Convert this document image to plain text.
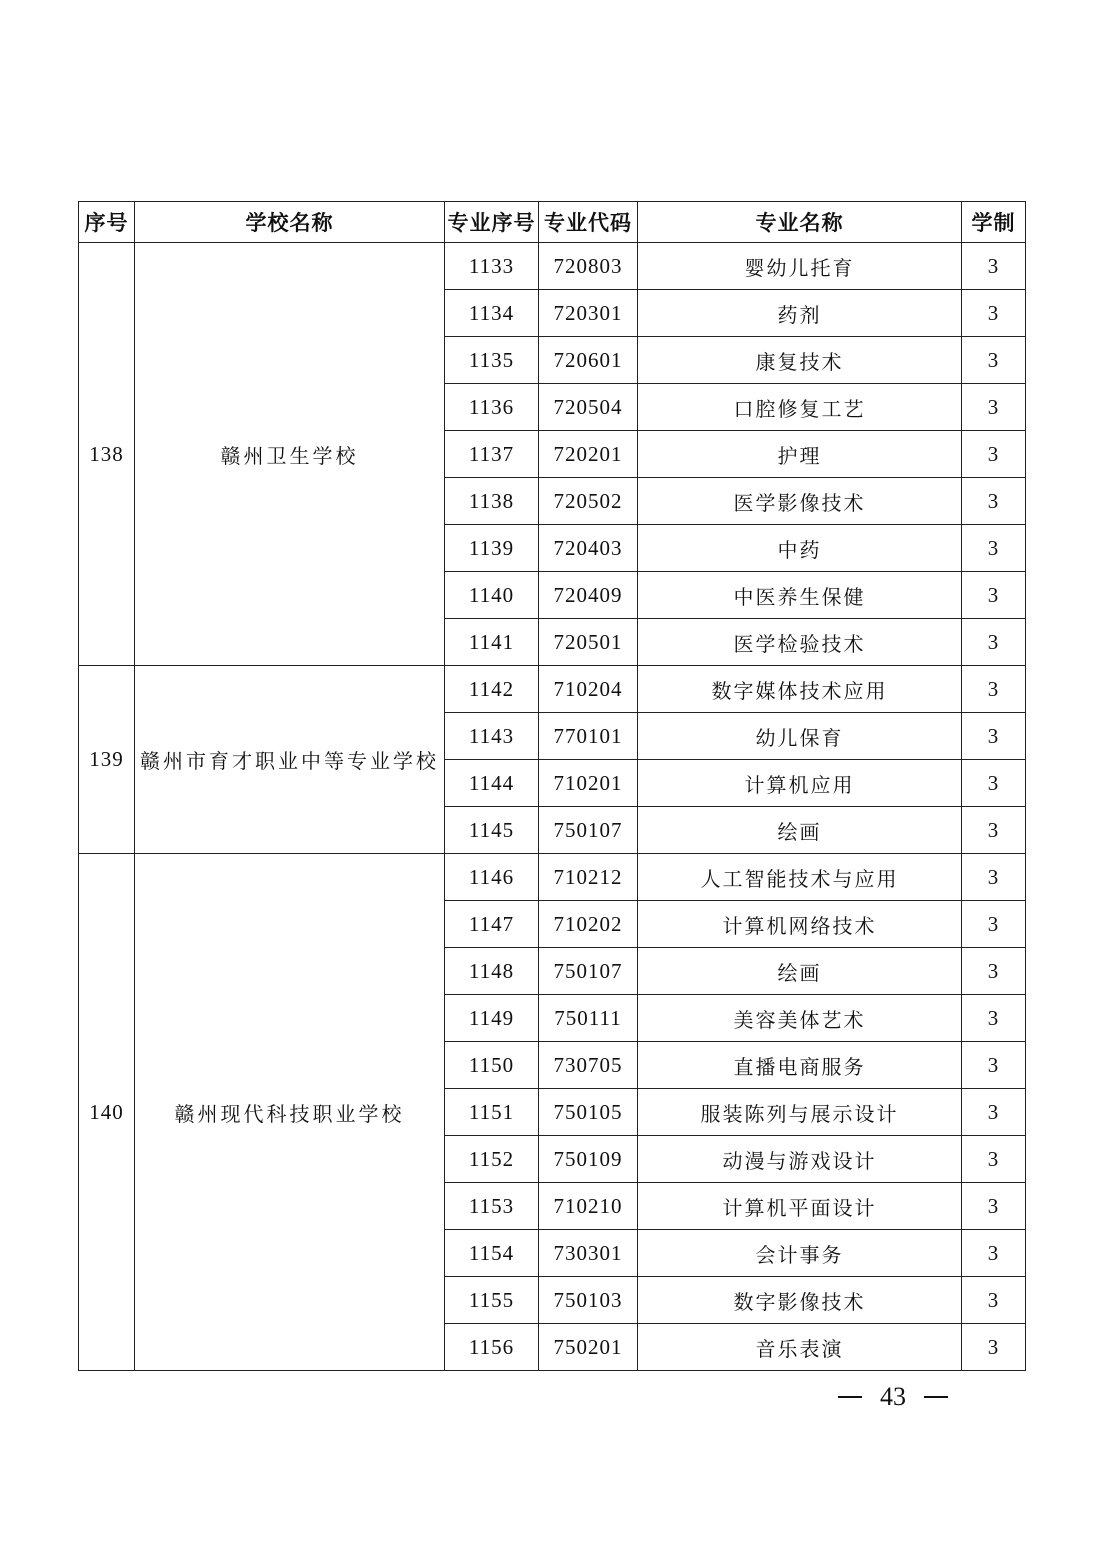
序号	学校名称	专业序号	专业代码	专业名称	学制
138	赣州卫生学校	1133	720803	婴幼儿托育	3
		1134	720301	药剂	3
		1135	720601	康复技术	3
		1136	720504	口腔修复工艺	3
		1137	720201	护理	3
		1138	720502	医学影像技术	3
		1139	720403	中药	3
		1140	720409	中医养生保健	3
		1141	720501	医学检验技术	3
139	赣州市育才职业中等专业学校	1142	710204	数字媒体技术应用	3
		1143	770101	幼儿保育	3
		1144	710201	计算机应用	3
		1145	750107	绘画	3
140	赣州现代科技职业学校	1146	710212	人工智能技术与应用	3
		1147	710202	计算机网络技术	3
		1148	750107	绘画	3
		1149	750111	美容美体艺术	3
		1150	730705	直播电商服务	3
		1151	750105	服装陈列与展示设计	3
		1152	750109	动漫与游戏设计	3
		1153	710210	计算机平面设计	3
		1154	730301	会计事务	3
		1155	750103	数字影像技术	3
		1156	750201	音乐表演	3
43
